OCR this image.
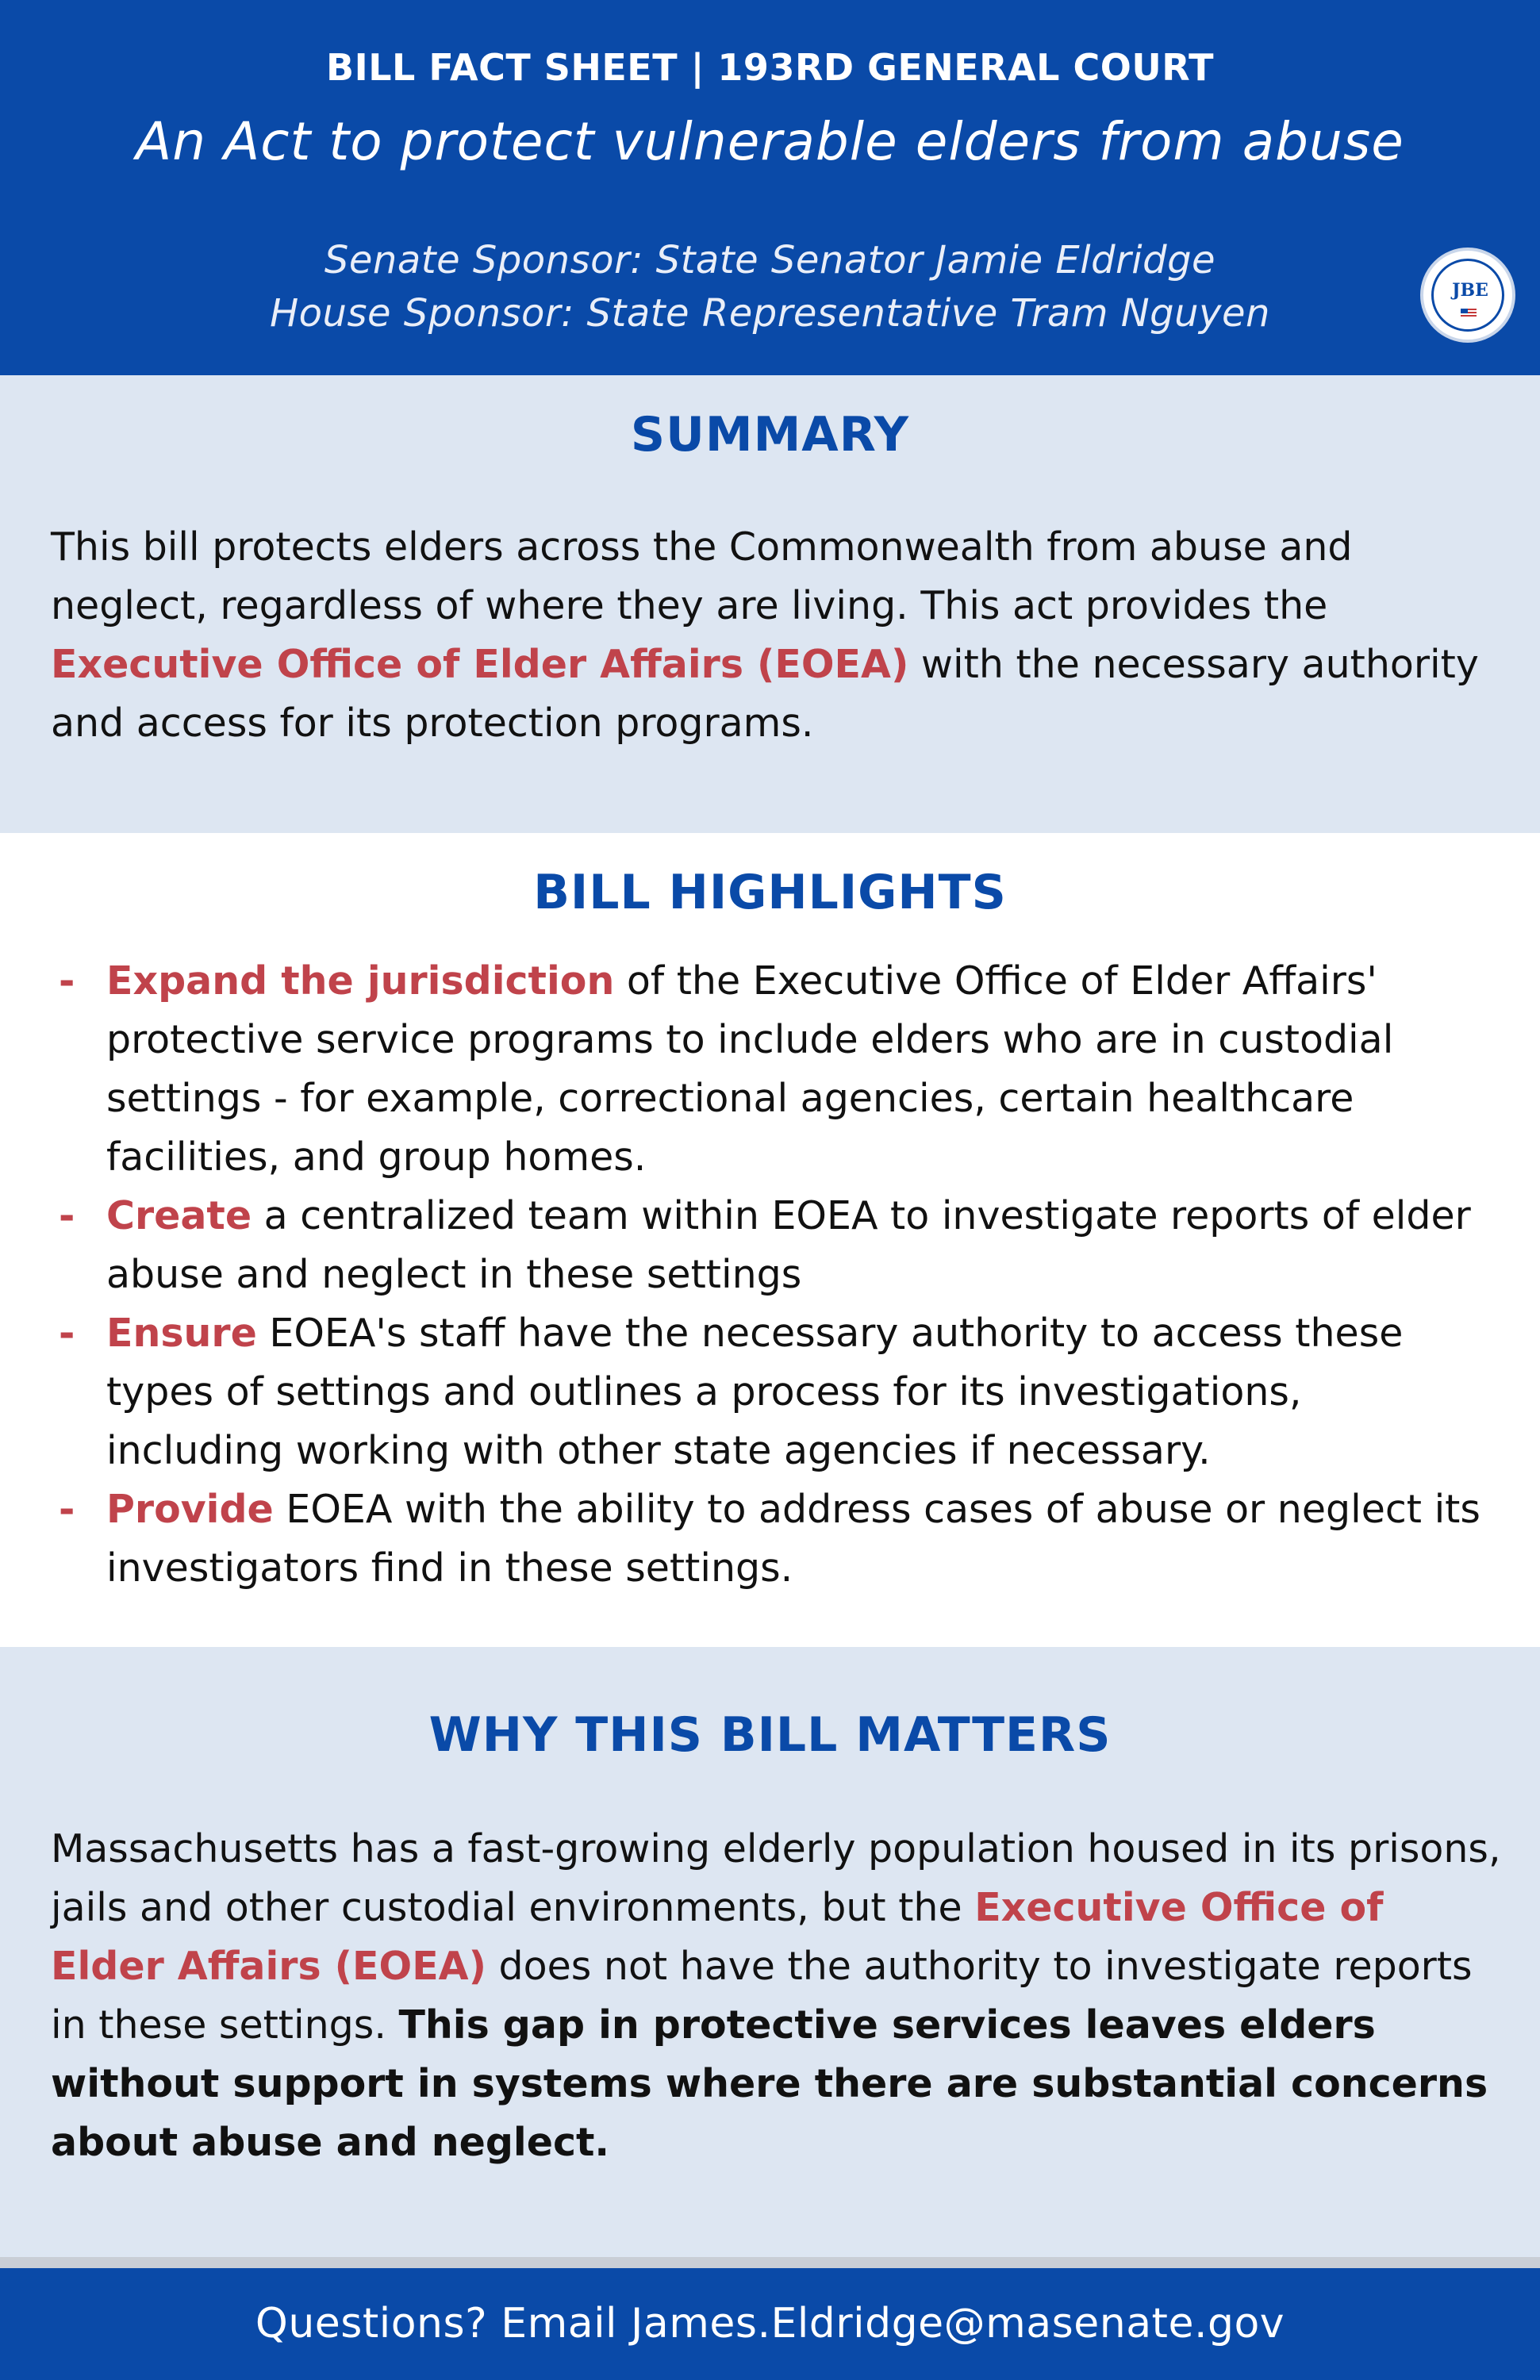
BILL FACT SHEET | 193RD GENERAL COURT
An Act to protect vulnerable elders from abuse
Senate Sponsor: State Senator Jamie Eldridge
House Sponsor: State Representative Tram Nguyen
JBE
SUMMARY
This bill protects elders across the Commonwealth from abuse and neglect, regardless of where they are living. This act provides the Executive Office of Elder Affairs (EOEA) with the necessary authority and access for its protection programs.
BILL HIGHLIGHTS
- Expand the jurisdiction of the Executive Office of Elder Affairs' protective service programs to include elders who are in custodial settings - for example, correctional agencies, certain healthcare facilities, and group homes.
- Create a centralized team within EOEA to investigate reports of elder abuse and neglect in these settings
- Ensure EOEA's staff have the necessary authority to access these types of settings and outlines a process for its investigations, including working with other state agencies if necessary.
- Provide EOEA with the ability to address cases of abuse or neglect its investigators find in these settings.
WHY THIS BILL MATTERS
Massachusetts has a fast-growing elderly population housed in its prisons, jails and other custodial environments, but the Executive Office of Elder Affairs (EOEA) does not have the authority to investigate reports in these settings. This gap in protective services leaves elders without support in systems where there are substantial concerns about abuse and neglect.
Questions? Email James.Eldridge@masenate.gov
